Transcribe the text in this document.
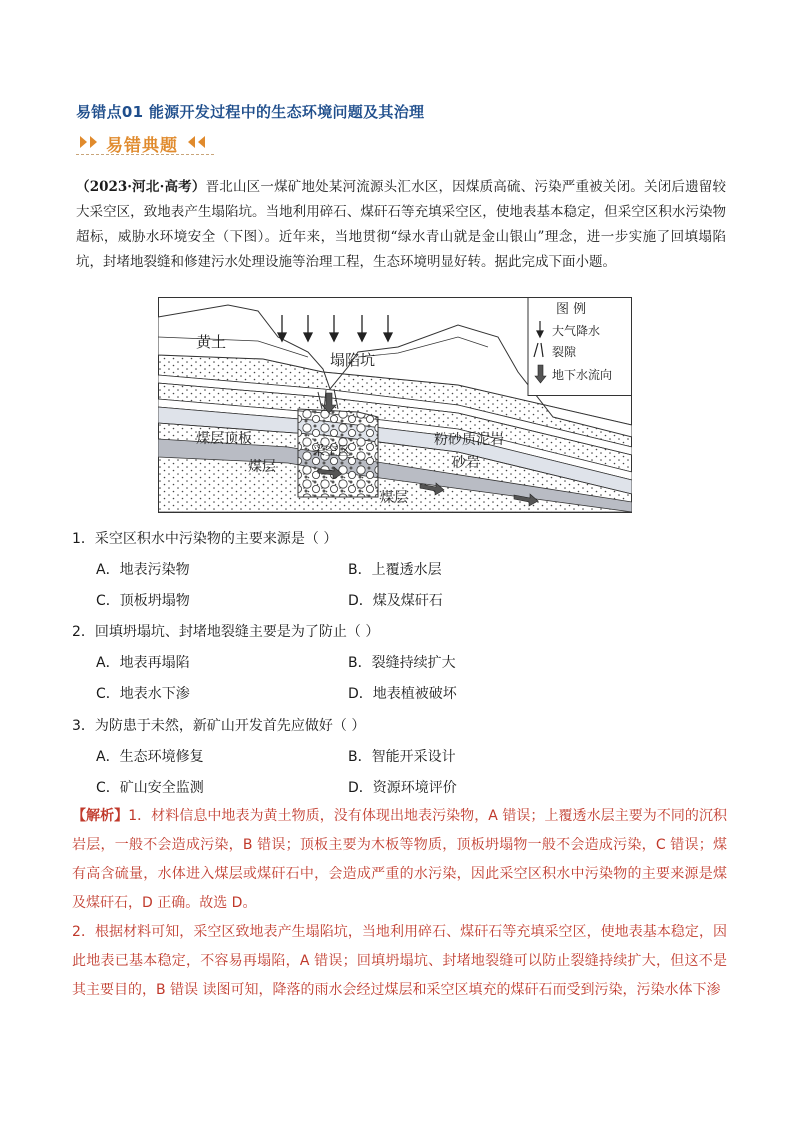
易错点01 能源开发过程中的生态环境问题及其治理
易错典题
（2023·河北·高考）晋北山区一煤矿地处某河流源头汇水区，因煤质高硫、污染严重被关闭。关闭后遗留较大采空区，致地表产生塌陷坑。当地利用碎石、煤矸石等充填采空区，使地表基本稳定，但采空区积水污染物超标，威胁水环境安全（下图）。近年来，当地贯彻“绿水青山就是金山银山”理念，进一步实施了回填塌陷坑，封堵地裂缝和修建污水处理设施等治理工程，生态环境明显好转。据此完成下面小题。
黄土
塌陷坑
煤层顶板
煤层
采空区
煤层
粉砂质泥岩
砂岩
图 例
大气降水
裂隙
地下水流向
1．采空区积水中污染物的主要来源是（ ）
A．地表污染物	B．上覆透水层
C．顶板坍塌物	D．煤及煤矸石
2．回填坍塌坑、封堵地裂缝主要是为了防止（ ）
A．地表再塌陷	B．裂缝持续扩大
C．地表水下渗	D．地表植被破坏
3．为防患于未然，新矿山开发首先应做好（ ）
A．生态环境修复	B．智能开采设计
C．矿山安全监测	D．资源环境评价
【解析】1．材料信息中地表为黄土物质，没有体现出地表污染物，A 错误；上覆透水层主要为不同的沉积岩层，一般不会造成污染，B 错误；顶板主要为木板等物质，顶板坍塌物一般不会造成污染，C 错误；煤有高含硫量，水体进入煤层或煤矸石中，会造成严重的水污染，因此采空区积水中污染物的主要来源是煤及煤矸石，D 正确。故选 D。
2．根据材料可知，采空区致地表产生塌陷坑，当地利用碎石、煤矸石等充填采空区，使地表基本稳定，因此地表已基本稳定，不容易再塌陷，A 错误；回填坍塌坑、封堵地裂缝可以防止裂缝持续扩大，但这不是其主要目的，B 错误 读图可知，降落的雨水会经过煤层和采空区填充的煤矸石而受到污染，污染水体下渗
